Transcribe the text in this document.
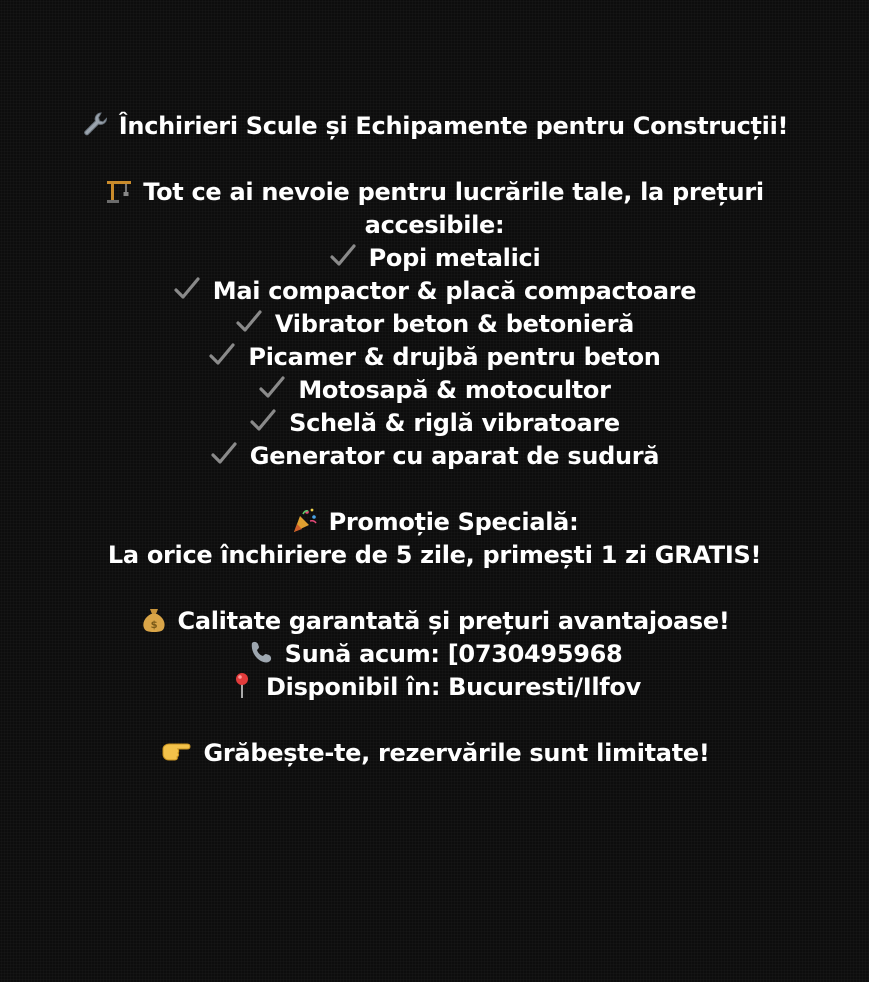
Închirieri Scule și Echipamente pentru Construcții!
Tot ce ai nevoie pentru lucrările tale, la prețuri accesibile:
Popi metalici
Mai compactor & placă compactoare
Vibrator beton & betonieră
Picamer & drujbă pentru beton
Motosapă & motocultor
Schelă & riglă vibratoare
Generator cu aparat de sudură
Promoție Specială:
La orice închiriere de 5 zile, primești 1 zi GRATIS!
$ Calitate garantată și prețuri avantajoase!
Sună acum: [0730495968
Disponibil în: Bucuresti/Ilfov
Grăbește-te, rezervările sunt limitate!
